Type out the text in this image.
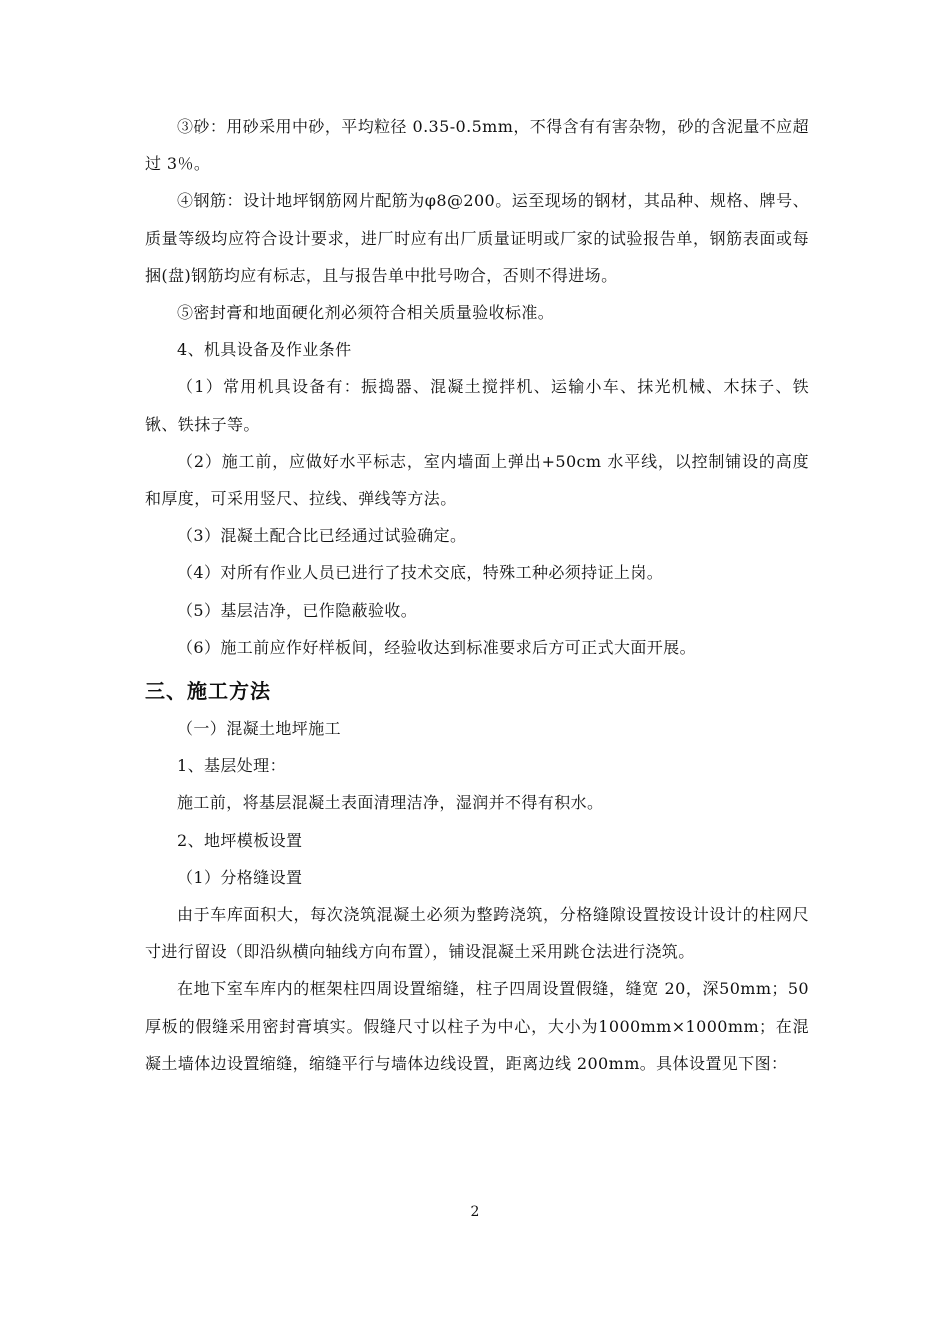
③砂：用砂采用中砂，平均粒径 0.35-0.5mm，不得含有有害杂物，砂的含泥量不应超过 3％。

④钢筋：设计地坪钢筋网片配筋为φ8@200。运至现场的钢材，其品种、规格、牌号、质量等级均应符合设计要求，进厂时应有出厂质量证明或厂家的试验报告单，钢筋表面或每捆(盘)钢筋均应有标志，且与报告单中批号吻合，否则不得进场。

⑤密封膏和地面硬化剂必须符合相关质量验收标准。

4、机具设备及作业条件

（1）常用机具设备有：振捣器、混凝土搅拌机、运输小车、抹光机械、木抹子、铁锹、铁抹子等。

（2）施工前，应做好水平标志，室内墙面上弹出+50cm 水平线，以控制铺设的高度和厚度，可采用竖尺、拉线、弹线等方法。

（3）混凝土配合比已经通过试验确定。

（4）对所有作业人员已进行了技术交底，特殊工种必须持证上岗。

（5）基层洁净，已作隐蔽验收。

（6）施工前应作好样板间，经验收达到标准要求后方可正式大面开展。

三、施工方法

（一）混凝土地坪施工

1、基层处理：

施工前，将基层混凝土表面清理洁净，湿润并不得有积水。

2、地坪模板设置

（1）分格缝设置

由于车库面积大，每次浇筑混凝土必须为整跨浇筑，分格缝隙设置按设计设计的柱网尺寸进行留设（即沿纵横向轴线方向布置），铺设混凝土采用跳仓法进行浇筑。

在地下室车库内的框架柱四周设置缩缝，柱子四周设置假缝，缝宽 20，深50mm；50 厚板的假缝采用密封膏填实。假缝尺寸以柱子为中心，大小为1000mm×1000mm；在混凝土墙体边设置缩缝，缩缝平行与墙体边线设置，距离边线 200mm。具体设置见下图：

2
